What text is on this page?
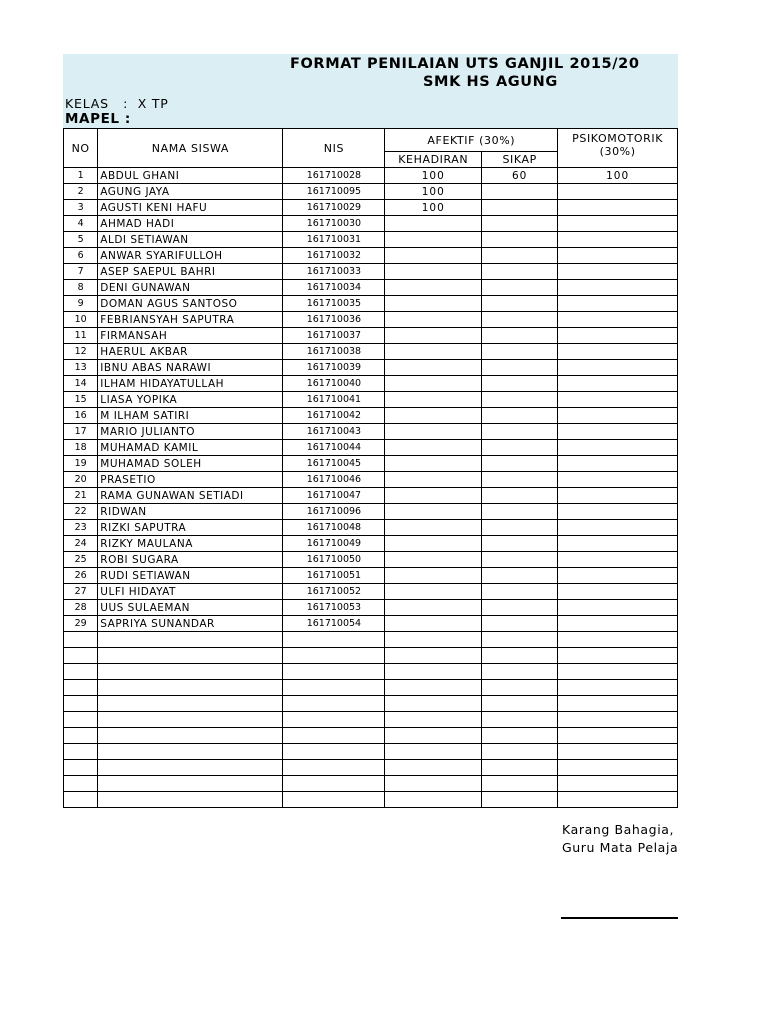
FORMAT PENILAIAN UTS GANJIL 2015/20
SMK HS AGUNG
KELAS : X TP
MAPEL :
NO	NAMA SISWA	NIS	AFEKTIF (30%)		PSIKOMOTORIK
(30%)

			KEHADIRAN	SIKAP	
1	ABDUL GHANI	161710028	100	60	100
2	AGUNG JAYA	161710095	100		
3	AGUSTI KENI HAFU	161710029	100		
4	AHMAD HADI	161710030			
5	ALDI SETIAWAN	161710031			
6	ANWAR SYARIFULLOH	161710032			
7	ASEP SAEPUL BAHRI	161710033			
8	DENI GUNAWAN	161710034			
9	DOMAN AGUS SANTOSO	161710035			
10	FEBRIANSYAH SAPUTRA	161710036			
11	FIRMANSAH	161710037			
12	HAERUL AKBAR	161710038			
13	IBNU ABAS NARAWI	161710039			
14	ILHAM HIDAYATULLAH	161710040			
15	LIASA YOPIKA	161710041			
16	M ILHAM SATIRI	161710042			
17	MARIO JULIANTO	161710043			
18	MUHAMAD KAMIL	161710044			
19	MUHAMAD SOLEH	161710045			
20	PRASETIO	161710046			
21	RAMA GUNAWAN SETIADI	161710047			
22	RIDWAN	161710096			
23	RIZKI SAPUTRA	161710048			
24	RIZKY MAULANA	161710049			
25	ROBI SUGARA	161710050			
26	RUDI SETIAWAN	161710051			
27	ULFI HIDAYAT	161710052			
28	UUS SULAEMAN	161710053			
29	SAPRIYA SUNANDAR	161710054			

Karang Bahagia,
Guru Mata Pelaja
